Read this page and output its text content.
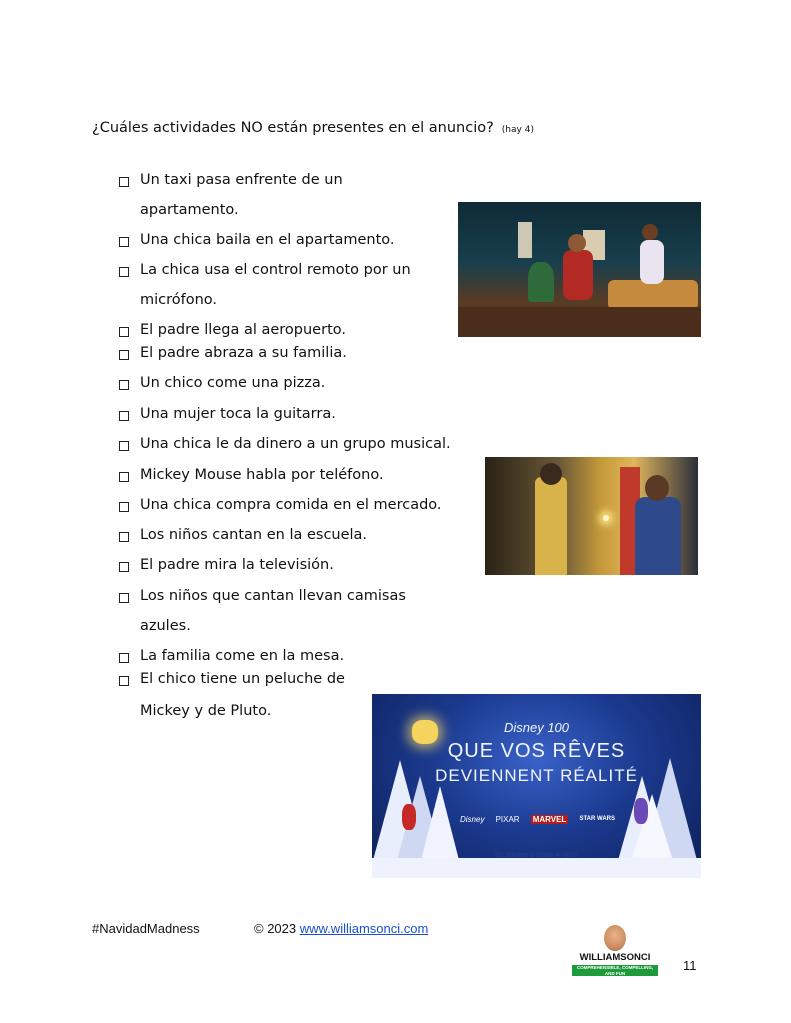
¿Cuáles actividades NO están presentes en el anuncio? (hay 4)
Un taxi pasa enfrente de un
apartamento.
Una chica baila en el apartamento.
La chica usa el control remoto por un
micrófono.
El padre llega al aeropuerto.
El padre abraza a su familia.
Un chico come una pizza.
Una mujer toca la guitarra.
Una chica le da dinero a un grupo musical.
Mickey Mouse habla por teléfono.
Una chica compra comida en el mercado.
Los niños cantan en la escuela.
El padre mira la televisión.
Los niños que cantan llevan camisas
azules.
La familia come en la mesa.
El chico tiene un peluche de
Mickey y de Pluto.
Disney 100
QUE VOS RÊVES
DEVIENNENT RÉALITÉ
Disney PIXAR MARVEL	STAR WARS
En soutien à Make-A-Wish
#NavidadMadness	© 2023 www.williamsonci.com
WILLIAMSONCI
COMPREHENSIBLE, COMPELLING, AND FUN	11
